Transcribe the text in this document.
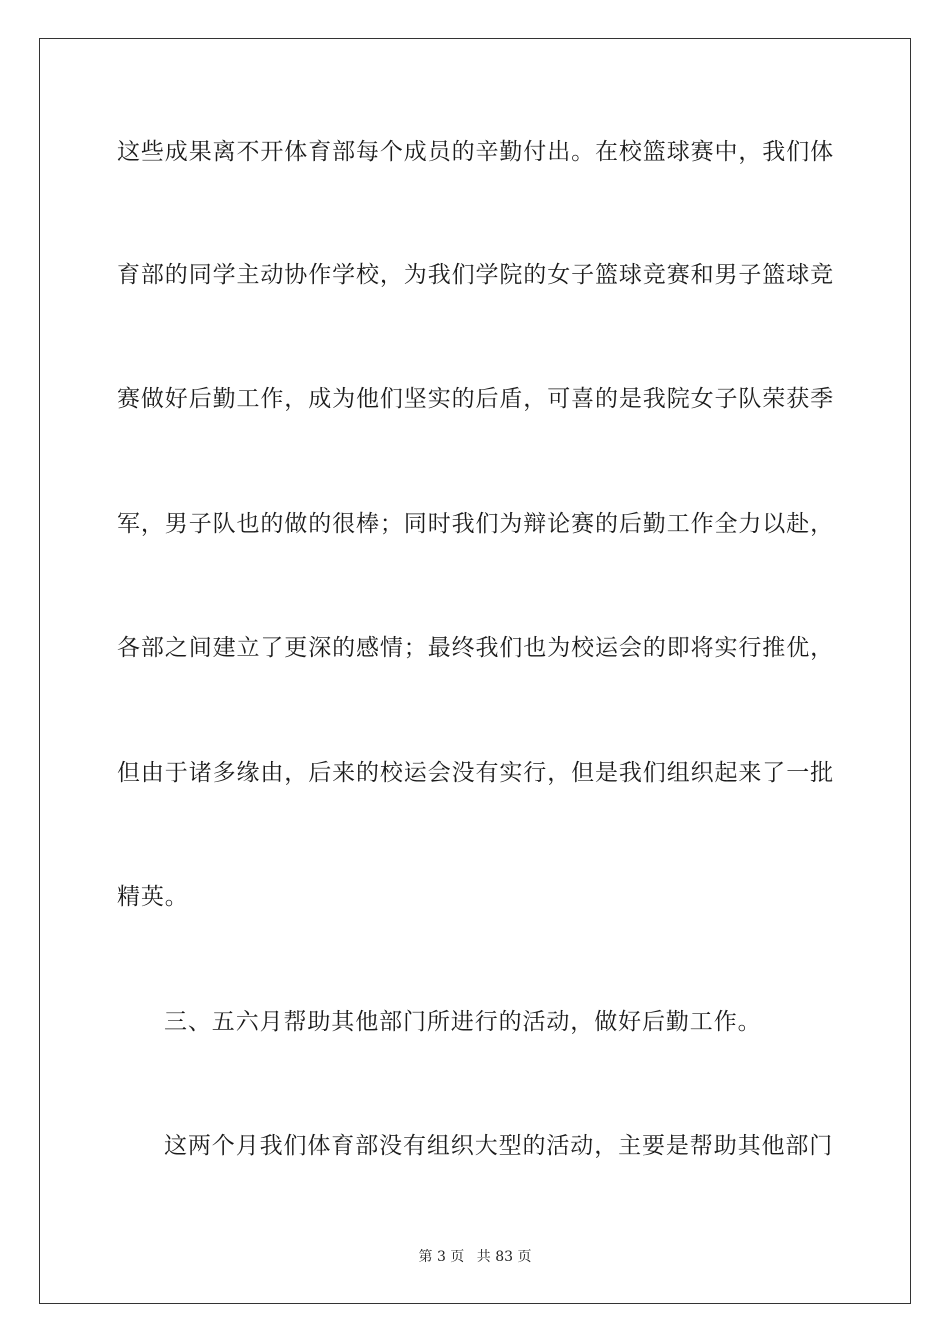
这些成果离不开体育部每个成员的辛勤付出。在校篮球赛中，我们体
育部的同学主动协作学校，为我们学院的女子篮球竞赛和男子篮球竞
赛做好后勤工作，成为他们坚实的后盾，可喜的是我院女子队荣获季
军，男子队也的做的很棒；同时我们为辩论赛的后勤工作全力以赴，
各部之间建立了更深的感情；最终我们也为校运会的即将实行推优，
但由于诸多缘由，后来的校运会没有实行，但是我们组织起来了一批
精英。
三、五六月帮助其他部门所进行的活动，做好后勤工作。
这两个月我们体育部没有组织大型的活动，主要是帮助其他部门
第 3 页 共 83 页
